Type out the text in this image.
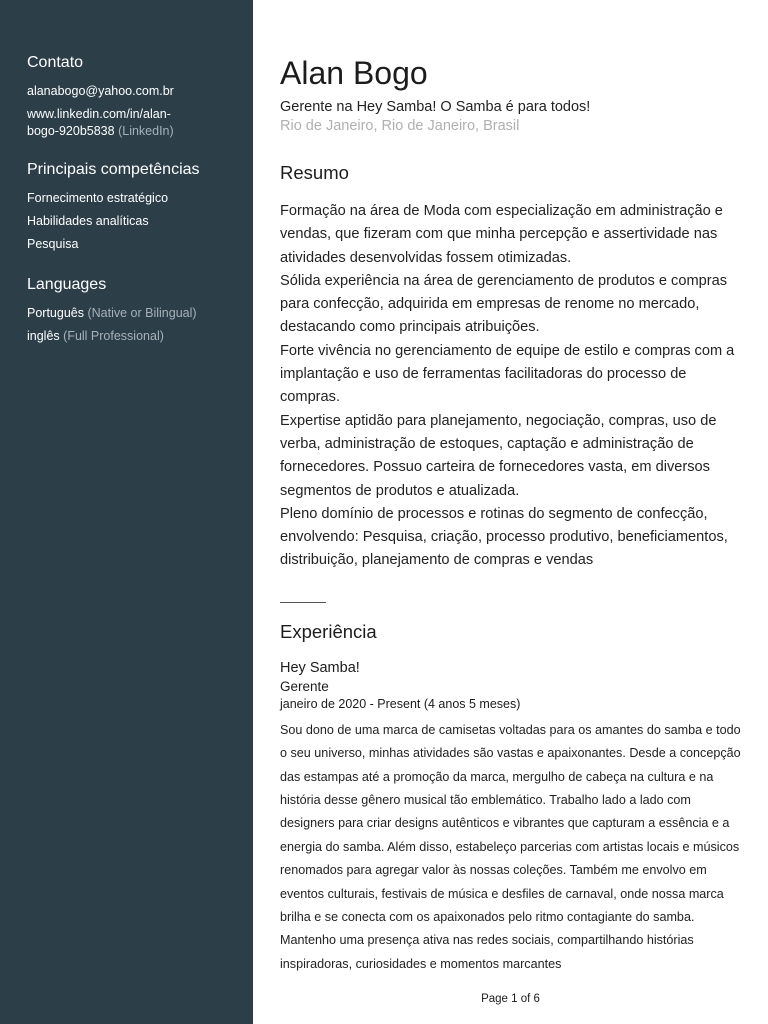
Contato
alanabogo@yahoo.com.br
www.linkedin.com/in/alan-
bogo-920b5838 (LinkedIn)
Principais competências
Fornecimento estratégico
Habilidades analíticas
Pesquisa
Languages
Português (Native or Bilingual)
inglês (Full Professional)
Alan Bogo
Gerente na Hey Samba! O Samba é para todos!
Rio de Janeiro, Rio de Janeiro, Brasil
Resumo

Formação na área de Moda com especialização em administração e vendas, que fizeram com que minha percepção e assertividade nas atividades desenvolvidas fossem otimizadas.

Sólida experiência na área de gerenciamento de produtos e compras para confecção, adquirida em empresas de renome no mercado, destacando como principais atribuições.

Forte vivência no gerenciamento de equipe de estilo e compras com a implantação e uso de ferramentas facilitadoras do processo de compras.

Expertise aptidão para planejamento, negociação, compras, uso de verba, administração de estoques, captação e administração de fornecedores. Possuo carteira de fornecedores vasta, em diversos segmentos de produtos e atualizada.

Pleno domínio de processos e rotinas do segmento de confecção, envolvendo: Pesquisa, criação, processo produtivo, beneficiamentos, distribuição, planejamento de compras e vendas

Experiência
Hey Samba!
Gerente
janeiro de 2020 - Present (4 anos 5 meses)

Sou dono de uma marca de camisetas voltadas para os amantes do samba e todo o seu universo, minhas atividades são vastas e apaixonantes. Desde a concepção das estampas até a promoção da marca, mergulho de cabeça na cultura e na história desse gênero musical tão emblemático. Trabalho lado a lado com designers para criar designs autênticos e vibrantes que capturam a essência e a energia do samba. Além disso, estabeleço parcerias com artistas locais e músicos renomados para agregar valor às nossas coleções. Também me envolvo em eventos culturais, festivais de música e desfiles de carnaval, onde nossa marca brilha e se conecta com os apaixonados pelo ritmo contagiante do samba. Mantenho uma presença ativa nas redes sociais, compartilhando histórias inspiradoras, curiosidades e momentos marcantes

Page 1 of 6
